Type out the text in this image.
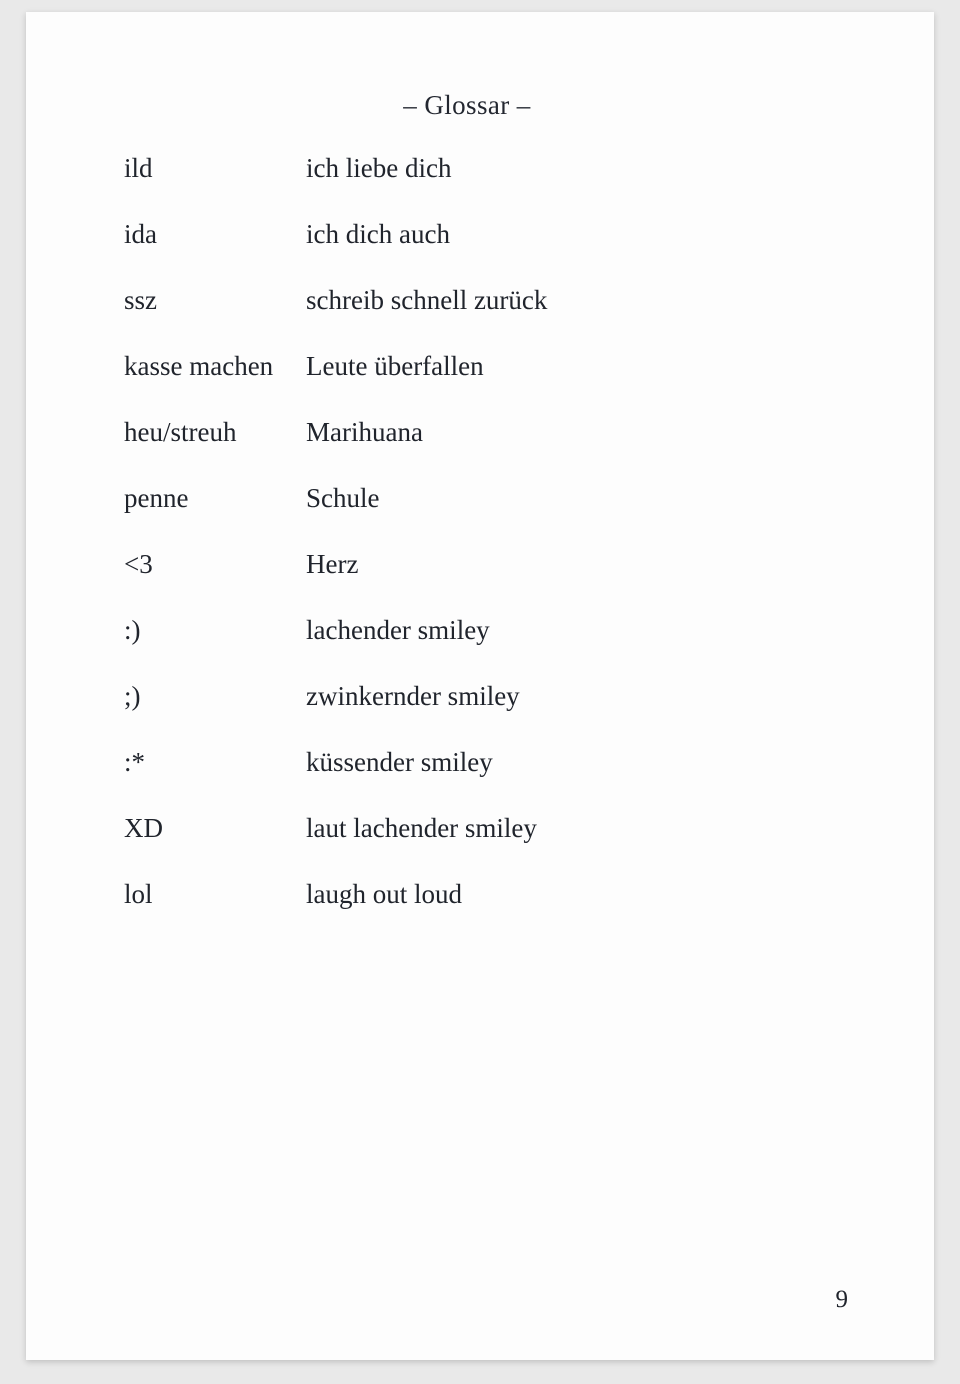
– Glossar –
ild	ich liebe dich
ida	ich dich auch
ssz	schreib schnell zurück
kasse machen	Leute überfallen
heu/streuh	Marihuana
penne	Schule
<3	Herz
:)	lachender smiley
;)	zwinkernder smiley
:*	küssender smiley
XD	laut lachender smiley
lol	laugh out loud
9
